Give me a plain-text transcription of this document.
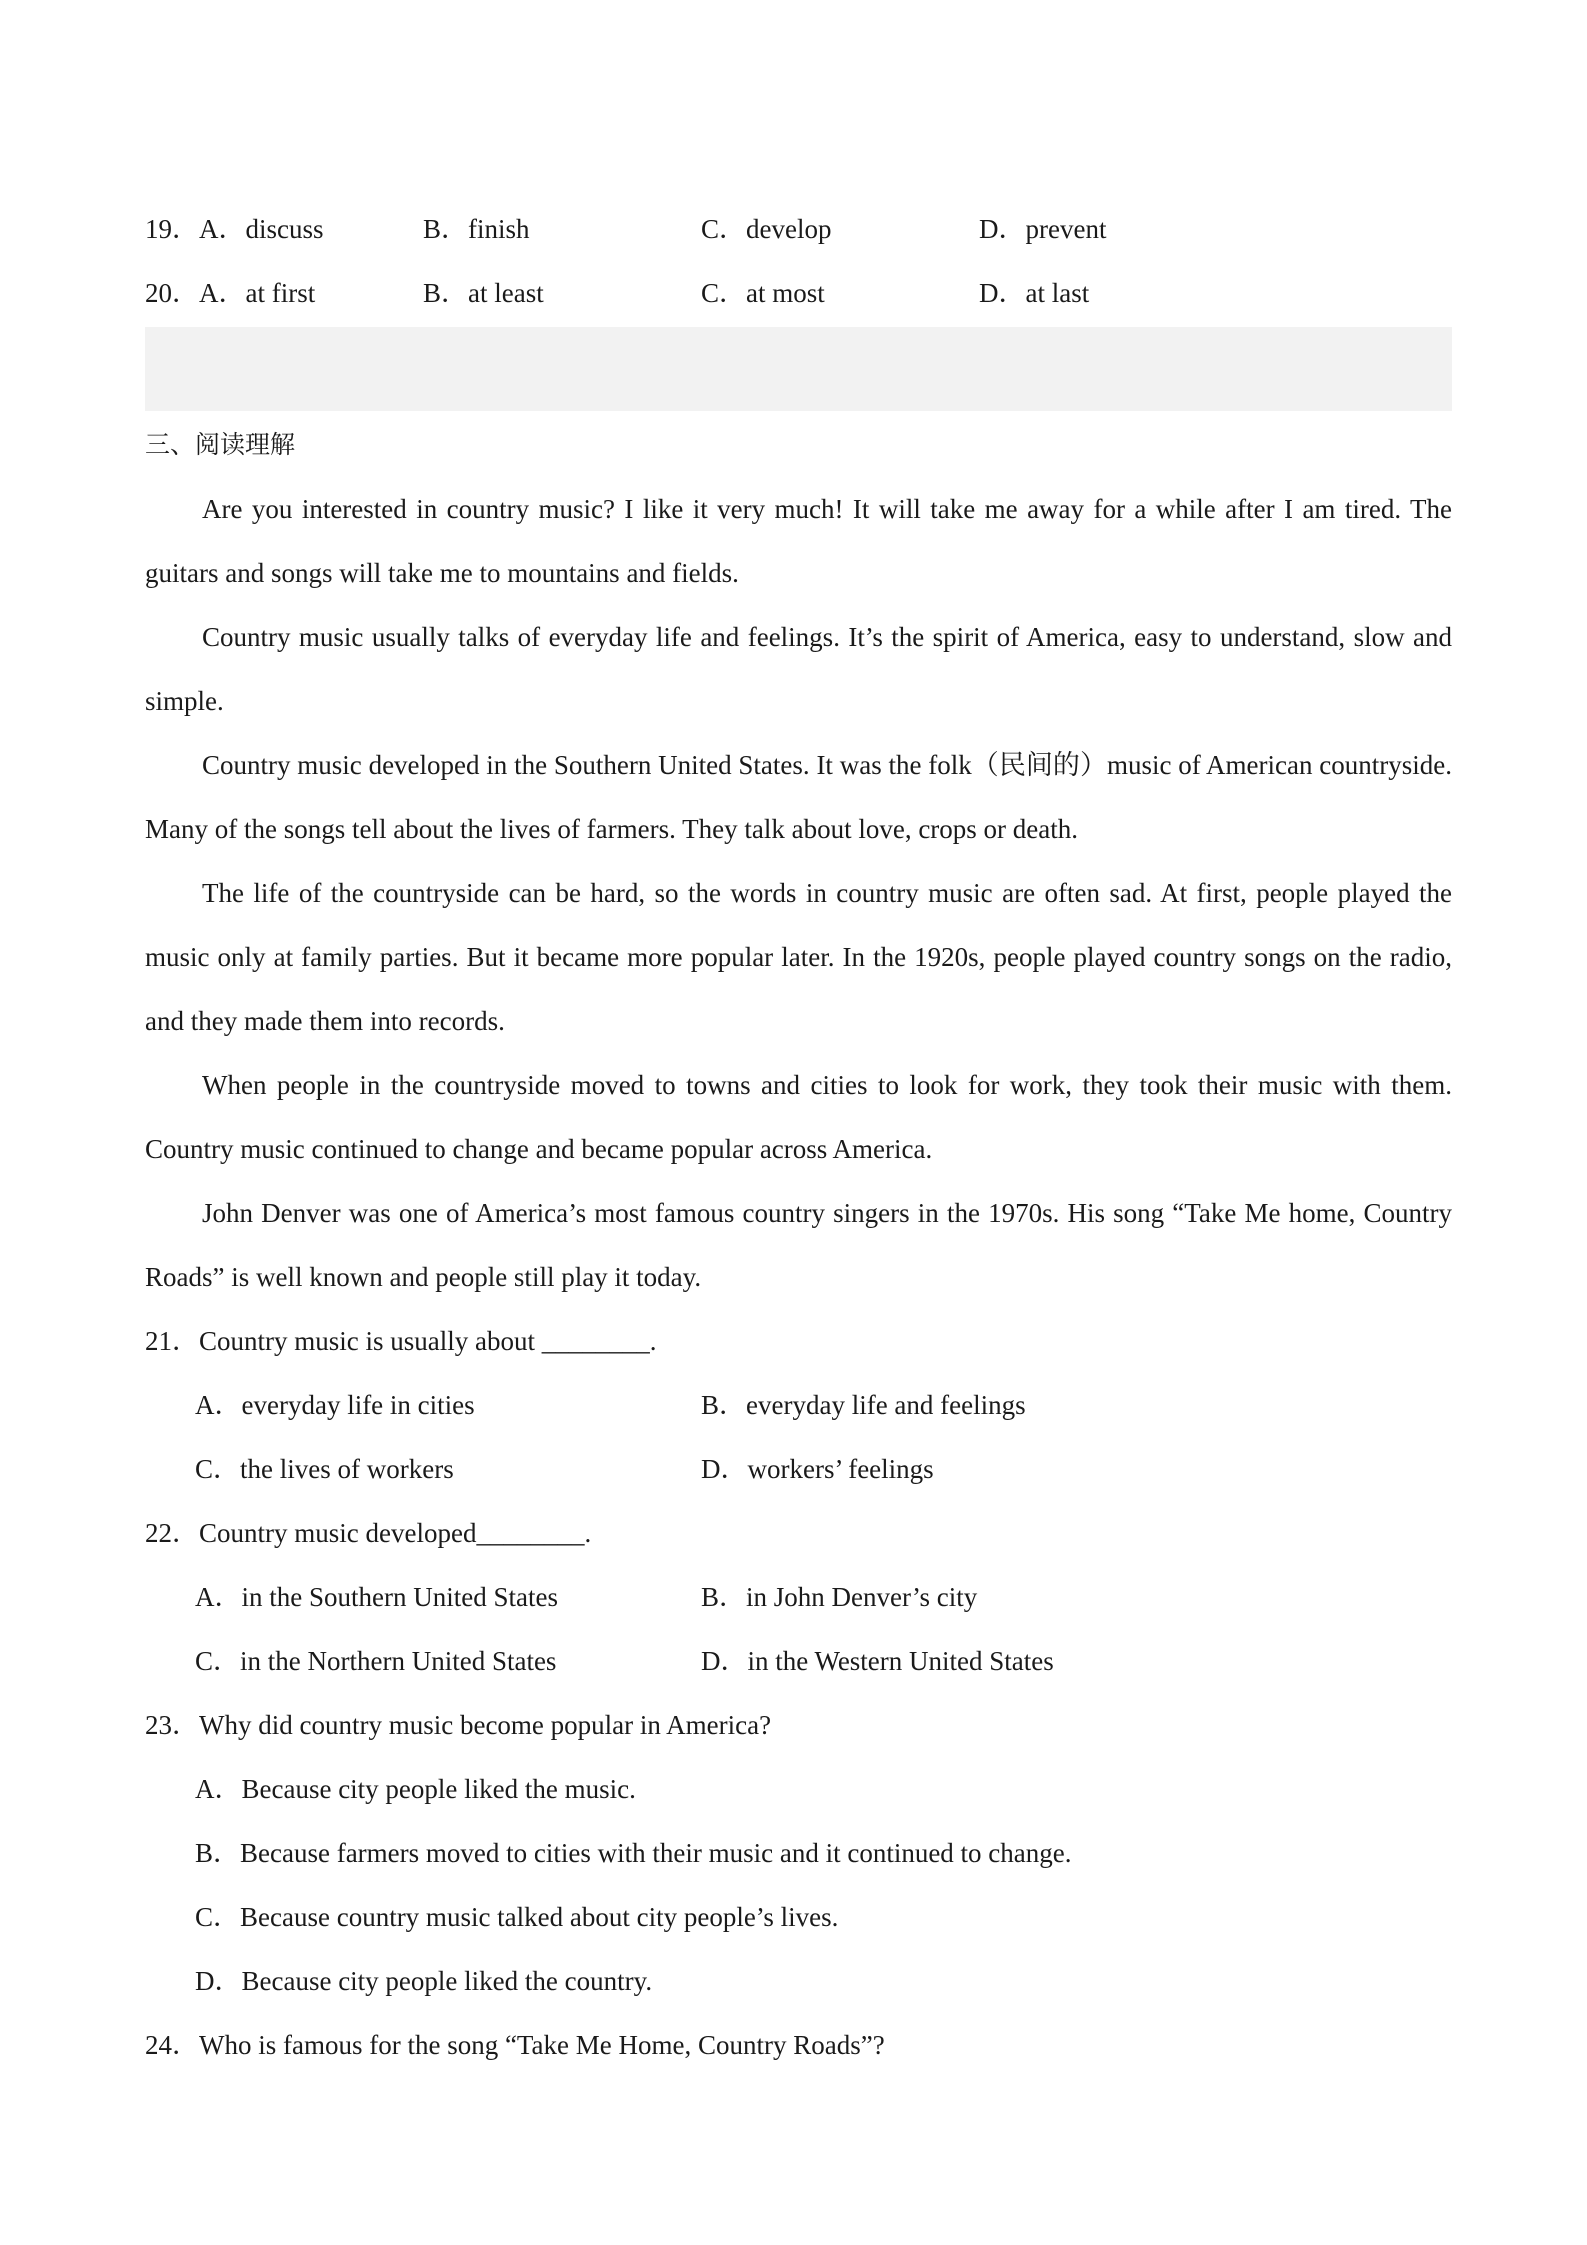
19．A．discuss	B．finish	C．develop	D．prevent
20．A．at first	B．at least	C．at most	D．at last
三、阅读理解

Are you interested in country music? I like it very much! It will take me away for a while after I am tired. The guitars and songs will take me to mountains and fields.

Country music usually talks of everyday life and feelings. It’s the spirit of America, easy to understand, slow and simple.

Country music developed in the Southern United States. It was the folk（民间的）music of American countryside. Many of the songs tell about the lives of farmers. They talk about love, crops or death.

The life of the countryside can be hard, so the words in country music are often sad. At first, people played the music only at family parties. But it became more popular later. In the 1920s, people played country songs on the radio, and they made them into records.

When people in the countryside moved to towns and cities to look for work, they took their music with them. Country music continued to change and became popular across America.

John Denver was one of America’s most famous country singers in the 1970s. His song “Take Me home, Country Roads” is well known and people still play it today.

21．Country music is usually about ________.
A．everyday life in cities	B．everyday life and feelings
C．the lives of workers	D．workers’ feelings
22．Country music developed________.
A．in the Southern United States	B．in John Denver’s city
C．in the Northern United States	D．in the Western United States
23．Why did country music become popular in America?
A．Because city people liked the music.
B．Because farmers moved to cities with their music and it continued to change.
C．Because country music talked about city people’s lives.
D．Because city people liked the country.
24．Who is famous for the song “Take Me Home, Country Roads”?
